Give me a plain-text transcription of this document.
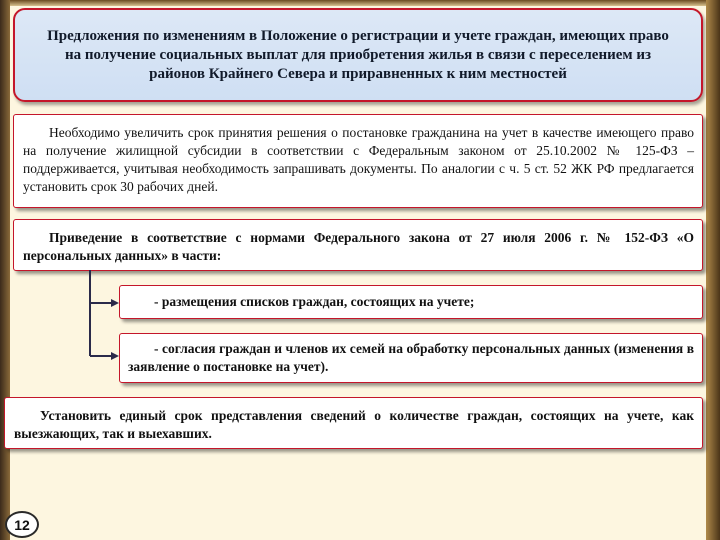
Предложения по изменениям в Положение о регистрации и учете граждан, имеющих право на получение социальных выплат для приобретения жилья в связи с переселением из районов Крайнего Севера и приравненных к ним местностей

Необходимо увеличить срок принятия решения о постановке гражданина на учет в качестве имеющего право на получение жилищной субсидии в соответствии с Федеральным законом от 25.10.2002 № 125-ФЗ – поддерживается, учитывая необходимость запрашивать документы. По аналогии с ч. 5 ст. 52 ЖК РФ предлагается установить срок 30 рабочих дней.
Приведение в соответствие с нормами Федерального закона от 27 июля 2006 г. № 152-ФЗ «О персональных данных» в части:
- размещения списков граждан, состоящих на учете;
- согласия граждан и членов их семей на обработку персональных данных (изменения в заявление о постановке на учет).
Установить единый срок представления сведений о количестве граждан, состоящих на учете, как выезжающих, так и выехавших.
12
